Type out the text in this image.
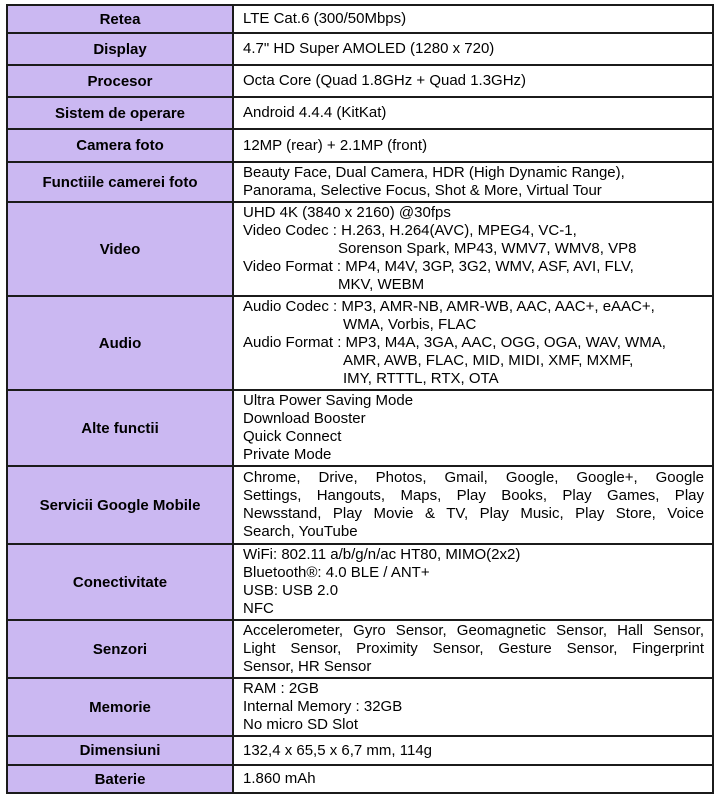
Retea	LTE Cat.6 (300/50Mbps)

Display	4.7" HD Super AMOLED (1280 x 720)

Procesor	Octa Core (Quad 1.8GHz + Quad 1.3GHz)

Sistem de operare	Android 4.4.4 (KitKat)

Camera foto	12MP (rear) + 2.1MP (front)

Functiile camerei foto	Beauty Face, Dual Camera, HDR (High Dynamic Range),
Panorama, Selective Focus, Shot & More, Virtual Tour

Video	UHD 4K (3840 x 2160) @30fps
Video Codec : H.263, H.264(AVC), MPEG4, VC-1,
Sorenson Spark, MP43, WMV7, WMV8, VP8
Video Format : MP4, M4V, 3GP, 3G2, WMV, ASF, AVI, FLV,
MKV, WEBM

Audio	Audio Codec : MP3, AMR-NB, AMR-WB, AAC, AAC+, eAAC+,
WMA, Vorbis, FLAC
Audio Format : MP3, M4A, 3GA, AAC, OGG, OGA, WAV, WMA,
AMR, AWB, FLAC, MID, MIDI, XMF, MXMF,
IMY, RTTTL, RTX, OTA

Alte functii	Ultra Power Saving Mode
Download Booster
Quick Connect
Private Mode

Servicii Google Mobile	Chrome, Drive, Photos, Gmail, Google, Google+, Google
Settings, Hangouts, Maps, Play Books, Play Games, Play
Newsstand, Play Movie & TV, Play Music, Play Store, Voice
Search, YouTube

Conectivitate	WiFi: 802.11 a/b/g/n/ac HT80, MIMO(2x2)
Bluetooth®: 4.0 BLE / ANT+
USB: USB 2.0
NFC

Senzori	Accelerometer, Gyro Sensor, Geomagnetic Sensor, Hall Sensor,
Light Sensor, Proximity Sensor, Gesture Sensor, Fingerprint
Sensor, HR Sensor

Memorie	RAM : 2GB
Internal Memory : 32GB
No micro SD Slot

Dimensiuni	132,4 x 65,5 x 6,7 mm, 114g

Baterie	1.860 mAh
